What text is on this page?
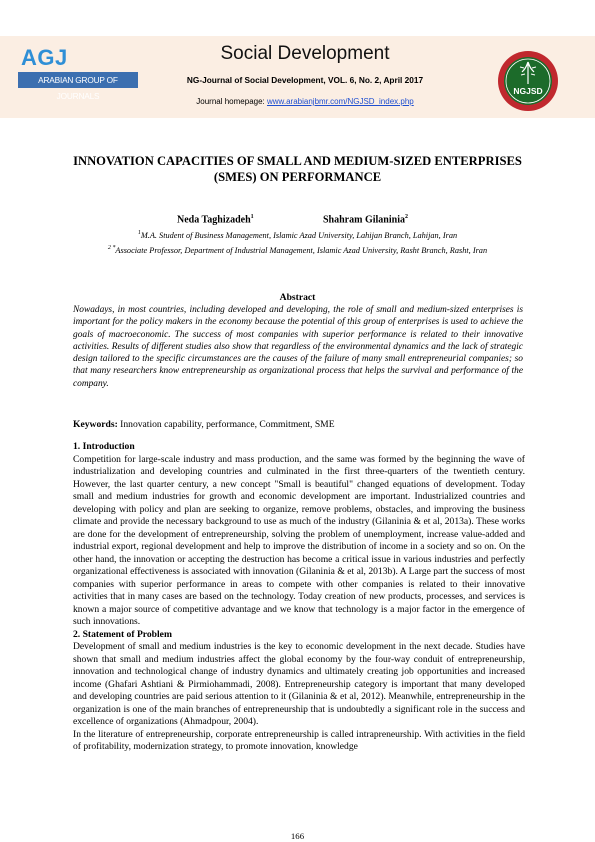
AGJ
ARABIAN GROUP OF JOURNALS
Social Development
NG-Journal of Social Development, VOL. 6, No. 2, April 2017
Journal homepage: www.arabianjbmr.com/NGJSD_index.php
NGJSD
INNOVATION CAPACITIES OF SMALL AND MEDIUM-SIZED ENTERPRISES (SMES) ON PERFORMANCE
Neda Taghizadeh$^1$	Shahram Gilaninia$^2$
$^1$M.A. Student of Business Management, Islamic Azad University, Lahijan Branch, Lahijan, Iran
$^{2 *}$Associate Professor, Department of Industrial Management, Islamic Azad University, Rasht Branch, Rasht, Iran
Abstract
Nowadays, in most countries, including developed and developing, the role of small and medium-sized enterprises is important for the policy makers in the economy because the potential of this group of enterprises is used to achieve the goals of macroeconomic. The success of most companies with superior performance is related to their innovative activities. Results of different studies also show that regardless of the environmental dynamics and the lack of strategic design tailored to the specific circumstances are the causes of the failure of many small entrepreneurial companies; so that many researchers know entrepreneurship as organizational process that helps the survival and performance of the company.
Keywords: Innovation capability, performance, Commitment, SME
1. Introduction

Competition for large-scale industry and mass production, and the same was formed by the beginning the wave of industrialization and developing countries and culminated in the first three-quarters of the twentieth century. However, the last quarter century, a new concept "Small is beautiful" changed equations of development. Today small and medium industries for growth and economic development are important. Industrialized countries and developing with policy and plan are seeking to organize, remove problems, obstacles, and improving the business climate and provide the necessary background to use as much of the industry (Gilaninia & et al, 2013a). These works are done for the development of entrepreneurship, solving the problem of unemployment, increase value-added and industrial export, regional development and help to improve the distribution of income in a society and so on. On the other hand, the innovation or accepting the destruction has become a critical issue in various industries and perfectly organizational effectiveness is associated with innovation (Gilaninia & et al, 2013b). A Large part the success of most companies with superior performance in areas to compete with other companies is related to their innovative activities that in many cases are based on the technology. Today creation of new products, processes, and services is known a major source of competitive advantage and we know that technology is a major factor in the emergence of such innovations.

2. Statement of Problem

Development of small and medium industries is the key to economic development in the next decade. Studies have shown that small and medium industries affect the global economy by the four-way conduit of entrepreneurship, innovation and technological change of industry dynamics and ultimately creating job opportunities and increased income (Ghafari Ashtiani & Pirmiohammadi, 2008). Entrepreneurship category is important that many developed and developing countries are paid serious attention to it (Gilaninia & et al, 2012). Meanwhile, entrepreneurship in the organization is one of the main branches of entrepreneurship that is undoubtedly a significant role in the success and excellence of organizations (Ahmadpour, 2004).

In the literature of entrepreneurship, corporate entrepreneurship is called intrapreneurship. With activities in the field of profitability, modernization strategy, to promote innovation, knowledge

166
